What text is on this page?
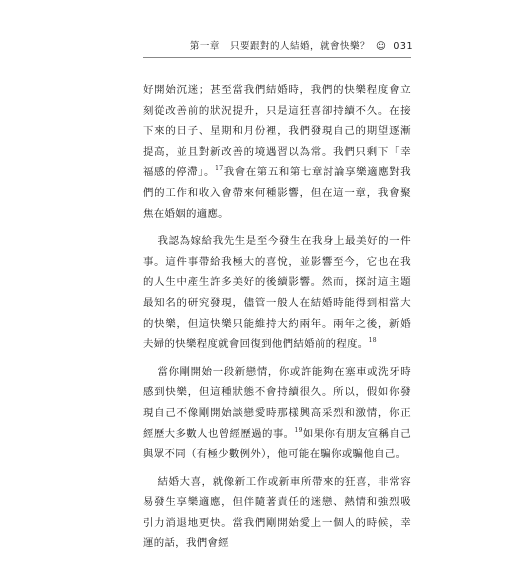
第一章 只要跟對的人結婚，就會快樂？ ☺ 031

好開始沉迷；甚至當我們結婚時，我們的快樂程度會立刻從改善前的狀況提升，只是這狂喜卻持續不久。在接下來的日子、星期和月份裡，我們發現自己的期望逐漸提高，並且對新改善的境遇習以為常。我們只剩下「幸福感的停滯」。$^{17}$我會在第五和第七章討論享樂適應對我們的工作和收入會帶來何種影響，但在這一章，我會聚焦在婚姻的適應。

我認為嫁給我先生是至今發生在我身上最美好的一件事。這件事帶給我極大的喜悅，並影響至今，它也在我的人生中產生許多美好的後續影響。然而，探討這主題最知名的研究發現，儘管一般人在結婚時能得到相當大的快樂，但這快樂只能維持大約兩年。兩年之後，新婚夫婦的快樂程度就會回復到他們結婚前的程度。$^{18}$

當你剛開始一段新戀情，你或許能夠在塞車或洗牙時感到快樂，但這種狀態不會持續很久。所以，假如你發現自己不像剛開始談戀愛時那樣興高采烈和激情，你正經歷大多數人也曾經歷過的事。$^{19}$如果你有朋友宣稱自己與眾不同（有極少數例外），他可能在騙你或騙他自己。

結婚大喜，就像新工作或新車所帶來的狂喜，非常容易發生享樂適應，但伴隨著責任的迷戀、熱情和強烈吸引力消退地更快。當我們剛開始愛上一個人的時候，幸運的話，我們會經
